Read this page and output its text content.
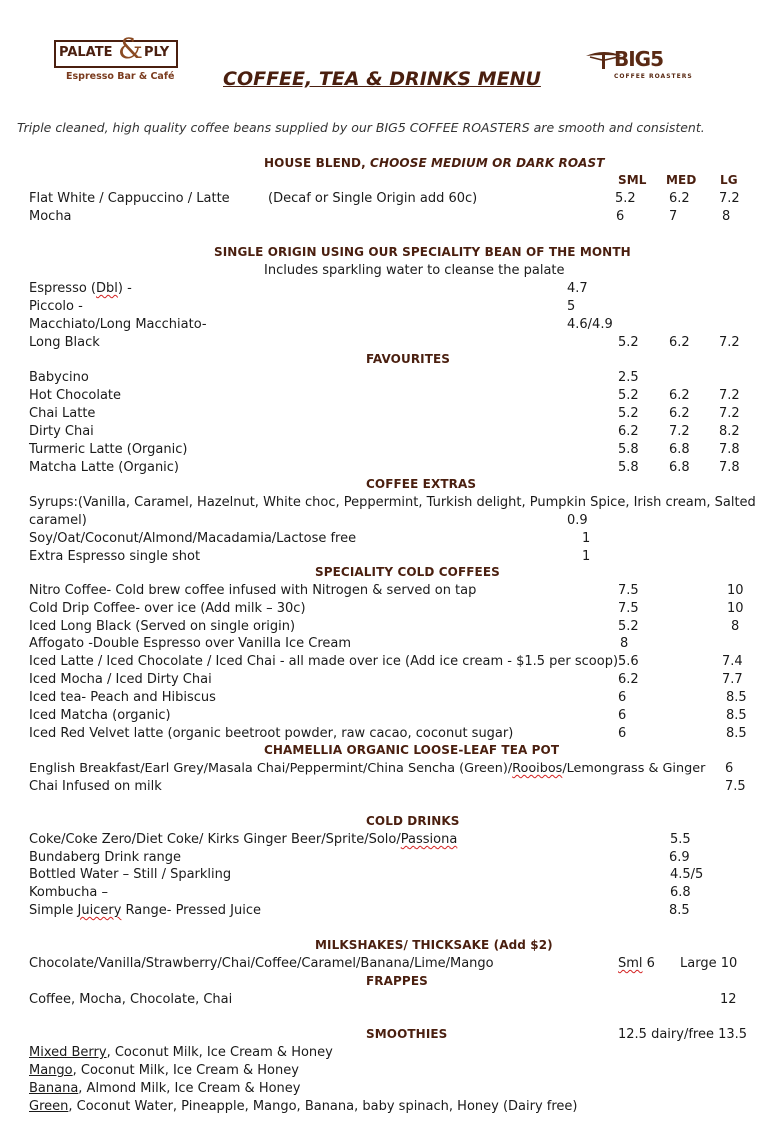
PALATE & PLY
Espresso Bar & Café
BIG5
COFFEE ROASTERS
COFFEE, TEA & DRINKS MENU
Triple cleaned, high quality coffee beans supplied by our BIG5 COFFEE ROASTERS are smooth and consistent.
HOUSE BLEND, CHOOSE MEDIUM OR DARK ROAST
SML MED LG
Flat White / Cappuccino / Latte	(Decaf or Single Origin add 60c)	5.2	6.2 7.2
Mocha	6	7	8
SINGLE ORIGIN USING OUR SPECIALITY BEAN OF THE MONTH
Includes sparkling water to cleanse the palate
Espresso (Dbl) -	4.7
Piccolo -	5
Macchiato/Long Macchiato-	4.6/4.9
Long Black	5.2 6.2 7.2
FAVOURITES
Babycino	2.5
Hot Chocolate	5.2 6.2 7.2
Chai Latte	5.2 6.2 7.2
Dirty Chai	6.2 7.2 8.2
Turmeric Latte (Organic)	5.8 6.8 7.8
Matcha Latte (Organic)	5.8 6.8 7.8
COFFEE EXTRAS
Syrups:(Vanilla, Caramel, Hazelnut, White choc, Peppermint, Turkish delight, Pumpkin Spice, Irish cream, Salted
caramel)	0.9
Soy/Oat/Coconut/Almond/Macadamia/Lactose free	1
Extra Espresso single shot	1
SPECIALITY COLD COFFEES
Nitro Coffee- Cold brew coffee infused with Nitrogen & served on tap	7.5	10
Cold Drip Coffee- over ice (Add milk – 30c)	7.5	10
Iced Long Black (Served on single origin)	5.2	8
Affogato -Double Espresso over Vanilla Ice Cream	8
Iced Latte / Iced Chocolate / Iced Chai - all made over ice (Add ice cream - $1.5 per scoop) 5.6	7.4
Iced Mocha / Iced Dirty Chai	6.2	7.7
Iced tea- Peach and Hibiscus	6	8.5
Iced Matcha (organic)	6	8.5
Iced Red Velvet latte (organic beetroot powder, raw cacao, coconut sugar)	6	8.5
CHAMELLIA ORGANIC LOOSE-LEAF TEA POT
English Breakfast/Earl Grey/Masala Chai/Peppermint/China Sencha (Green)/Rooibos/Lemongrass & Ginger 6
Chai Infused on milk	7.5
COLD DRINKS
Coke/Coke Zero/Diet Coke/ Kirks Ginger Beer/Sprite/Solo/Passiona	5.5
Bundaberg Drink range	6.9
Bottled Water – Still / Sparkling	4.5/5
Kombucha –	6.8
Simple Juicery Range- Pressed Juice	8.5
MILKSHAKES/ THICKSAKE (Add $2)
Chocolate/Vanilla/Strawberry/Chai/Coffee/Caramel/Banana/Lime/Mango	Sml 6 Large 10
FRAPPES
Coffee, Mocha, Chocolate, Chai	12
SMOOTHIES	12.5 dairy/free 13.5
Mixed Berry, Coconut Milk, Ice Cream & Honey
Mango, Coconut Milk, Ice Cream & Honey
Banana, Almond Milk, Ice Cream & Honey
Green, Coconut Water, Pineapple, Mango, Banana, baby spinach, Honey (Dairy free)
